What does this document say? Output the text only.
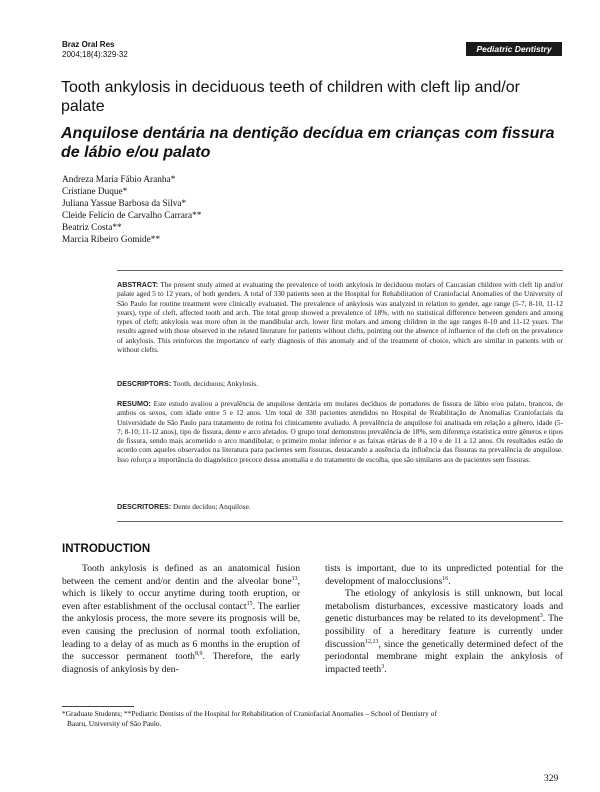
Braz Oral Res
2004;18(4):329-32
Pediatric Dentistry
Tooth ankylosis in deciduous teeth of children with cleft lip and/or palate
Anquilose dentária na dentição decídua em crianças com fissura de lábio e/ou palato
Andreza Maria Fábio Aranha*
Cristiane Duque*
Juliana Yassue Barbosa da Silva*
Cleide Felício de Carvalho Carrara**
Beatriz Costa**
Marcia Ribeiro Gomide**

ABSTRACT: The present study aimed at evaluating the prevalence of tooth ankylosis in deciduous molars of Caucasian children with cleft lip and/or palate aged 5 to 12 years, of both genders. A total of 330 patients seen at the Hospital for Rehabilitation of Craniofacial Anomalies of the University of São Paulo for routine treatment were clinically evaluated. The prevalence of ankylosis was analyzed in relation to gender, age range (5-7, 8-10, 11-12 years), type of cleft, affected tooth and arch. The total group showed a prevalence of 18%, with no statistical difference between genders and among types of cleft; ankylosis was more often in the mandibular arch, lower first molars and among children in the age ranges 8-10 and 11-12 years. The results agreed with those observed in the related literature for patients without clefts, pointing out the absence of influence of the cleft on the prevalence of ankylosis. This reinforces the importance of early diagnosis of this anomaly and of the treatment of choice, which are similar in patients with or without clefts.

DESCRIPTORS: Tooth, deciduous; Ankylosis.

RESUMO: Este estudo avaliou a prevalência de anquilose dentária em molares decíduos de portadores de fissura de lábio e/ou palato, brancos, de ambos os sexos, com idade entre 5 e 12 anos. Um total de 330 pacientes atendidos no Hospital de Reabilitação de Anomalias Craniofaciais da Universidade de São Paulo para tratamento de rotina foi clinicamente avaliado. A prevalência de anquilose foi analisada em relação a gênero, idade (5-7; 8-10; 11-12 anos), tipo de fissura, dente e arco afetados. O grupo total demonstrou prevalência de 18%, sem diferença estatística entre gêneros e tipos de fissura, sendo mais acometido o arco mandibular, o primeiro molar inferior e as faixas etárias de 8 a 10 e de 11 a 12 anos. Os resultados estão de acordo com aqueles observados na literatura para pacientes sem fissuras, destacando a ausência da influência das fissuras na prevalência de anquilose. Isso reforça a importância do diagnóstico precoce dessa anomalia e do tratamento de escolha, que são similares aos de pacientes sem fissuras.

DESCRITORES: Dente decíduo; Anquilose.

INTRODUCTION

Tooth ankylosis is defined as an anatomical fusion between the cement and/or dentin and the alveolar bone$^{13}$, which is likely to occur anytime during tooth eruption, or even after establishment of the occlusal contact$^{15}$. The earlier the ankylosis process, the more severe its prognosis will be, even causing the preclusion of normal tooth exfoliation, leading to a delay of as much as 6 months in the eruption of the successor permanent tooth$^{8,9}$. Therefore, the early diagnosis of ankylosis by den-

tists is important, due to its unpredicted potential for the development of malocclusions$^{16}$.

The etiology of ankylosis is still unknown, but local metabolism disturbances, excessive masticatory loads and genetic disturbances may be related to its development$^3$. The possibility of a hereditary feature is currently under discussion$^{12,13}$, since the genetically determined defect of the periodontal membrane might explain the ankylosis of impacted teeth$^3$.

*Graduate Students; **Pediatric Dentists of the Hospital for Rehabilitation of Craniofacial Anomalies – School of Dentistry of
Bauru, University of São Paulo.

329
